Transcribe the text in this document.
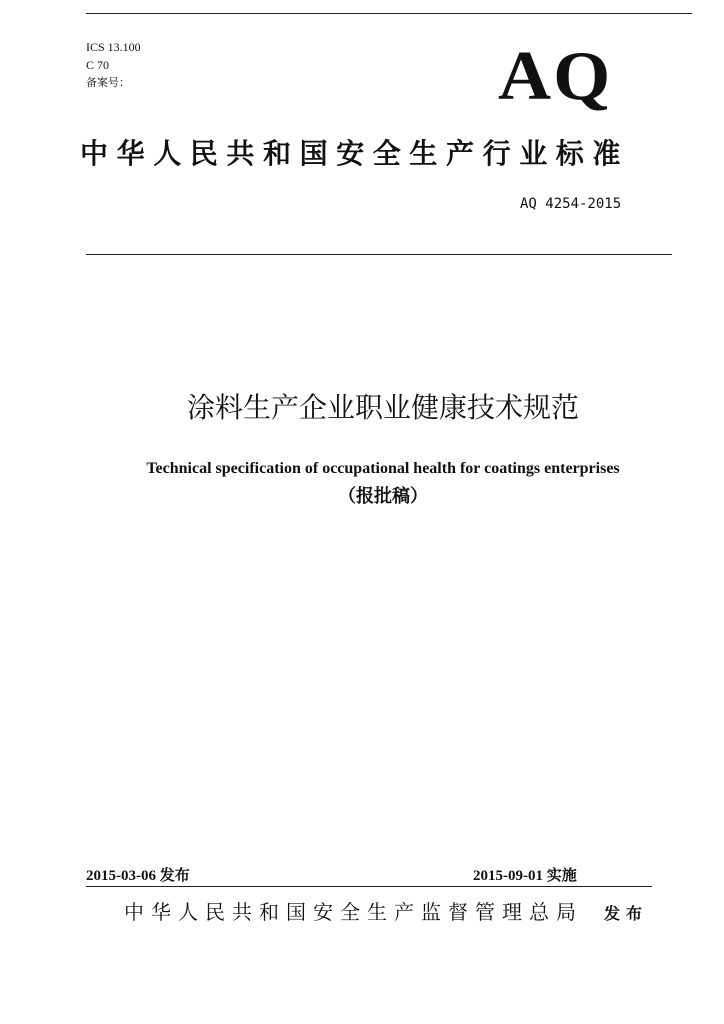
ICS 13.100
C 70
备案号：	AQ
中华人民共和国安全生产行业标准
AQ 4254-2015
涂料生产企业职业健康技术规范
Technical specification of occupational health for coatings enterprises
（报批稿）
2015-03-06 发布	2015-09-01 实施
中华人民共和国安全生产监督管理总局 发布
